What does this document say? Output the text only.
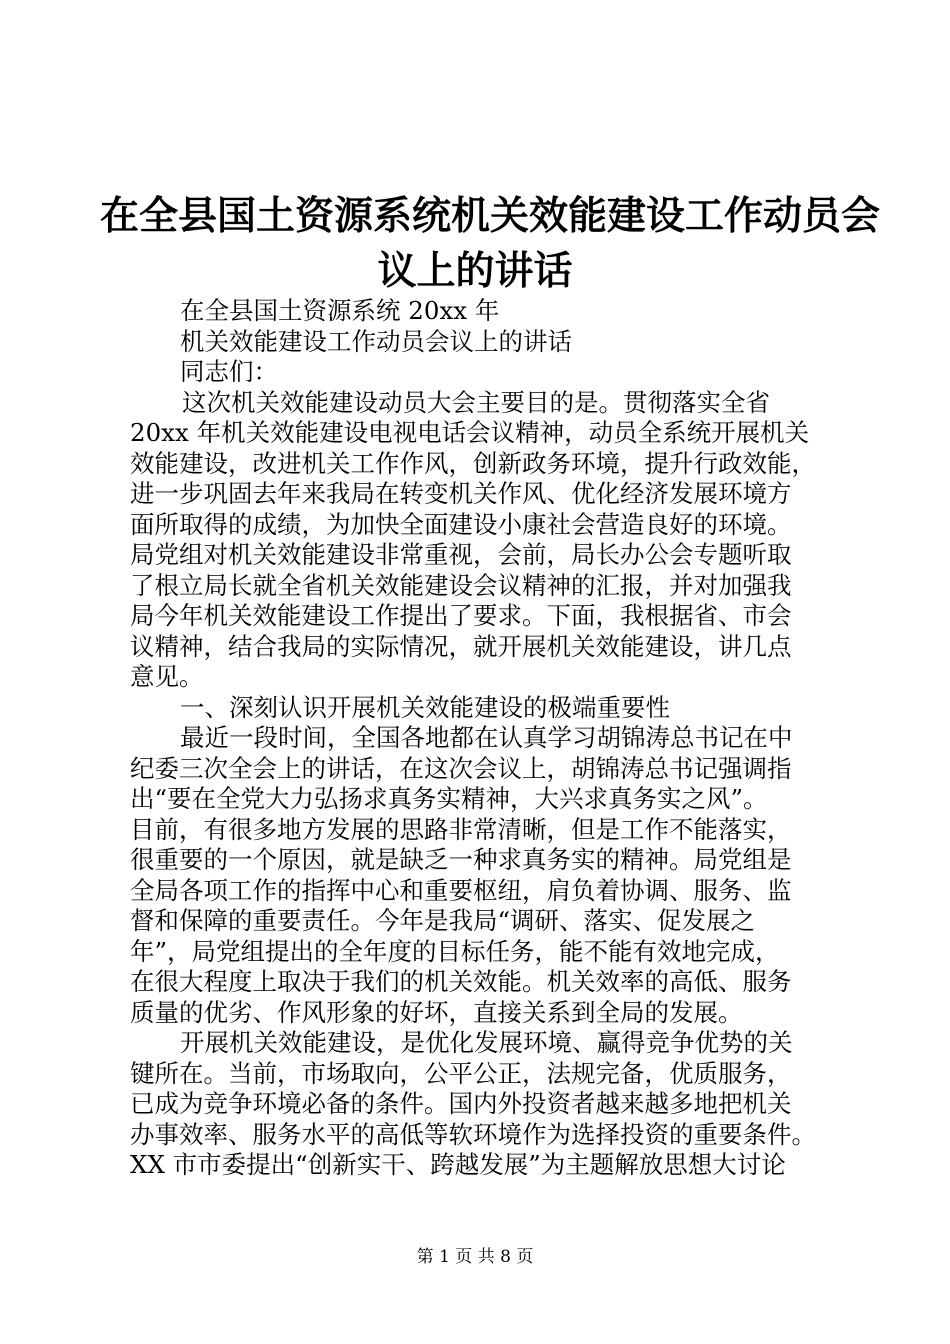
在全县国土资源系统机关效能建设工作动员会
议上的讲话
在全县国土资源系统 20xx 年
机关效能建设工作动员会议上的讲话
同志们：
这次机关效能建设动员大会主要目的是。贯彻落实全省
20xx 年机关效能建设电视电话会议精神，动员全系统开展机关
效能建设，改进机关工作作风，创新政务环境，提升行政效能，
进一步巩固去年来我局在转变机关作风、优化经济发展环境方
面所取得的成绩，为加快全面建设小康社会营造良好的环境。
局党组对机关效能建设非常重视，会前，局长办公会专题听取
了根立局长就全省机关效能建设会议精神的汇报，并对加强我
局今年机关效能建设工作提出了要求。下面，我根据省、市会
议精神，结合我局的实际情况，就开展机关效能建设，讲几点
意见。
一、深刻认识开展机关效能建设的极端重要性
最近一段时间，全国各地都在认真学习胡锦涛总书记在中
纪委三次全会上的讲话，在这次会议上，胡锦涛总书记强调指
出“要在全党大力弘扬求真务实精神，大兴求真务实之风”。
目前，有很多地方发展的思路非常清晰，但是工作不能落实，
很重要的一个原因，就是缺乏一种求真务实的精神。局党组是
全局各项工作的指挥中心和重要枢纽，肩负着协调、服务、监
督和保障的重要责任。今年是我局“调研、落实、促发展之
年”，局党组提出的全年度的目标任务，能不能有效地完成，
在很大程度上取决于我们的机关效能。机关效率的高低、服务
质量的优劣、作风形象的好坏，直接关系到全局的发展。
开展机关效能建设，是优化发展环境、赢得竞争优势的关
键所在。当前，市场取向，公平公正，法规完备，优质服务，
已成为竞争环境必备的条件。国内外投资者越来越多地把机关
办事效率、服务水平的高低等软环境作为选择投资的重要条件。
XX 市市委提出“创新实干、跨越发展”为主题解放思想大讨论
第 1 页 共 8 页
